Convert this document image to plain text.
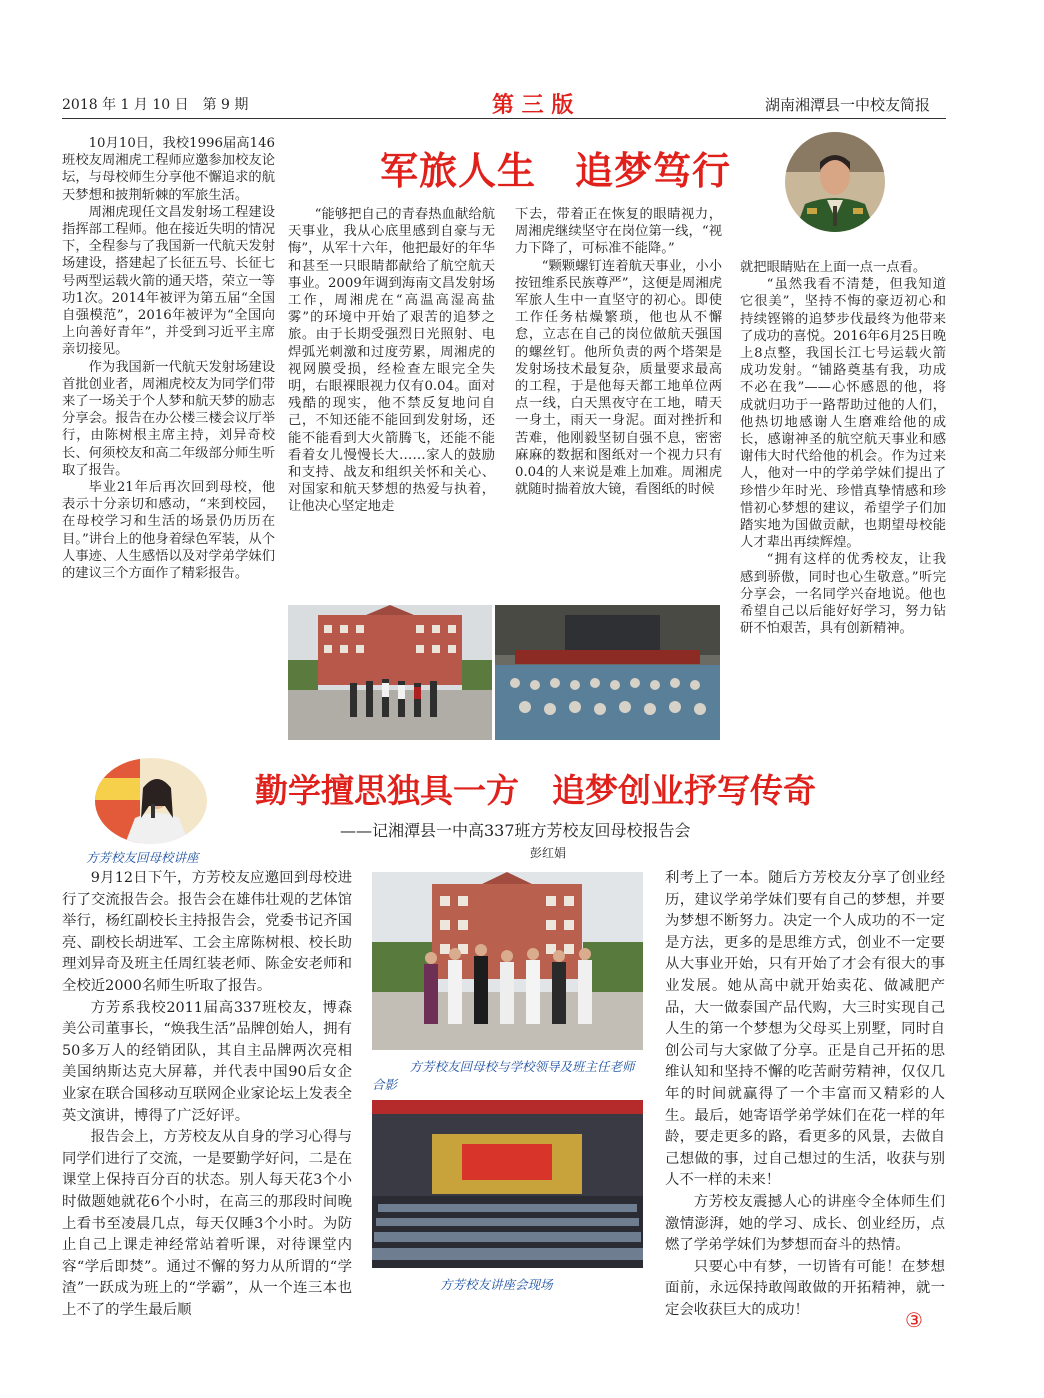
2018 年 1 月 10 日　第 9 期	第 三 版	湖南湘潭县一中校友简报
军旅人生　追梦笃行

10月10日，我校1996届高146班校友周湘虎工程师应邀参加校友论坛，与母校师生分享他不懈追求的航天梦想和披荆斩棘的军旅生活。

周湘虎现任文昌发射场工程建设指挥部工程师。他在接近失明的情况下，全程参与了我国新一代航天发射场建设，搭建起了长征五号、长征七号两型运载火箭的通天塔，荣立一等功1次。2014年被评为第五届“全国自强模范”，2016年被评为“全国向上向善好青年”，并受到习近平主席亲切接见。

作为我国新一代航天发射场建设首批创业者，周湘虎校友为同学们带来了一场关于个人梦和航天梦的励志分享会。报告在办公楼三楼会议厅举行，由陈树根主席主持，刘异奇校长、何须校友和高二年级部分师生听取了报告。

毕业21年后再次回到母校，他表示十分亲切和感动，“来到校园，在母校学习和生活的场景仍历历在目。”讲台上的他身着绿色军装，从个人事迹、人生感悟以及对学弟学妹们的建议三个方面作了精彩报告。

“能够把自己的青春热血献给航天事业，我从心底里感到自豪与无悔”，从军十六年，他把最好的年华和甚至一只眼睛都献给了航空航天事业。2009年调到海南文昌发射场工作，周湘虎在“高温高湿高盐雾”的环境中开始了艰苦的追梦之旅。由于长期受强烈日光照射、电焊弧光刺激和过度劳累，周湘虎的视网膜受损，经检查左眼完全失明，右眼裸眼视力仅有0.04。面对残酷的现实，他不禁反复地问自己，不知还能不能回到发射场，还能不能看到大火箭腾飞，还能不能看着女儿慢慢长大……家人的鼓励和支持、战友和组织关怀和关心、对国家和航天梦想的热爱与执着，让他决心坚定地走

下去，带着正在恢复的眼睛视力，周湘虎继续坚守在岗位第一线，“视力下降了，可标准不能降。”

“颗颗螺钉连着航天事业，小小按钮维系民族尊严”，这便是周湘虎军旅人生中一直坚守的初心。即使工作任务枯燥繁琐，他也从不懈怠，立志在自己的岗位做航天强国的螺丝钉。他所负责的两个塔架是发射场技术最复杂，质量要求最高的工程，于是他每天都工地单位两点一线，白天黑夜守在工地，晴天一身土，雨天一身泥。面对挫折和苦难，他刚毅坚韧自强不息，密密麻麻的数据和图纸对一个视力只有0.04的人来说是难上加难。周湘虎就随时揣着放大镜，看图纸的时候

就把眼睛贴在上面一点一点看。

“虽然我看不清楚，但我知道它很美”，坚持不悔的豪迈初心和持续铿锵的追梦步伐最终为他带来了成功的喜悦。2016年6月25日晚上8点整，我国长江七号运载火箭成功发射。“铺路奠基有我，功成不必在我”——心怀感恩的他，将成就归功于一路帮助过他的人们，他热切地感谢人生磨难给他的成长，感谢神圣的航空航天事业和感谢伟大时代给他的机会。作为过来人，他对一中的学弟学妹们提出了珍惜少年时光、珍惜真挚情感和珍惜初心梦想的建议，希望学子们加踏实地为国做贡献，也期望母校能人才辈出再续辉煌。

“拥有这样的优秀校友，让我感到骄傲，同时也心生敬意。”听完分享会，一名同学兴奋地说。他也希望自己以后能好好学习，努力钻研不怕艰苦，具有创新精神。

方芳校友回母校讲座
勤学擅思独具一方　追梦创业抒写传奇
——记湘潭县一中高337班方芳校友回母校报告会
彭红娟

9月12日下午，方芳校友应邀回到母校进行了交流报告会。报告会在雄伟壮观的艺体馆举行，杨红副校长主持报告会，党委书记齐国亮、副校长胡进军、工会主席陈树根、校长助理刘异奇及班主任周红装老师、陈金安老师和全校近2000名师生听取了报告。

方芳系我校2011届高337班校友，博森美公司董事长，“焕我生活”品牌创始人，拥有50多万人的经销团队，其自主品牌两次亮相美国纳斯达克大屏幕，并代表中国90后女企业家在联合国移动互联网企业家论坛上发表全英文演讲，博得了广泛好评。

报告会上，方芳校友从自身的学习心得与同学们进行了交流，一是要勤学好问，二是在课堂上保持百分百的状态。别人每天花3个小时做题她就花6个小时，在高三的那段时间晚上看书至凌晨几点，每天仅睡3个小时。为防止自己上课走神经常站着听课，对待课堂内容“学后即焚”。通过不懈的努力从所谓的“学渣”一跃成为班上的“学霸”，从一个连三本也上不了的学生最后顺

方芳校友回母校与学校领导及班主任老师合影
方芳校友讲座会现场

利考上了一本。随后方芳校友分享了创业经历，建议学弟学妹们要有自己的梦想，并要为梦想不断努力。决定一个人成功的不一定是方法，更多的是思维方式，创业不一定要从大事业开始，只有开始了才会有很大的事业发展。她从高中就开始卖花、做减肥产品，大一做泰国产品代购，大三时实现自己人生的第一个梦想为父母买上别墅，同时自创公司与大家做了分享。正是自己开拓的思维认知和坚持不懈的吃苦耐劳精神，仅仅几年的时间就赢得了一个丰富而又精彩的人生。最后，她寄语学弟学妹们在花一样的年龄，要走更多的路，看更多的风景，去做自己想做的事，过自己想过的生活，收获与别人不一样的未来！

方芳校友震撼人心的讲座令全体师生们激情澎湃，她的学习、成长、创业经历，点燃了学弟学妹们为梦想而奋斗的热情。

只要心中有梦，一切皆有可能！在梦想面前，永远保持敢闯敢做的开拓精神，就一定会收获巨大的成功！	③
